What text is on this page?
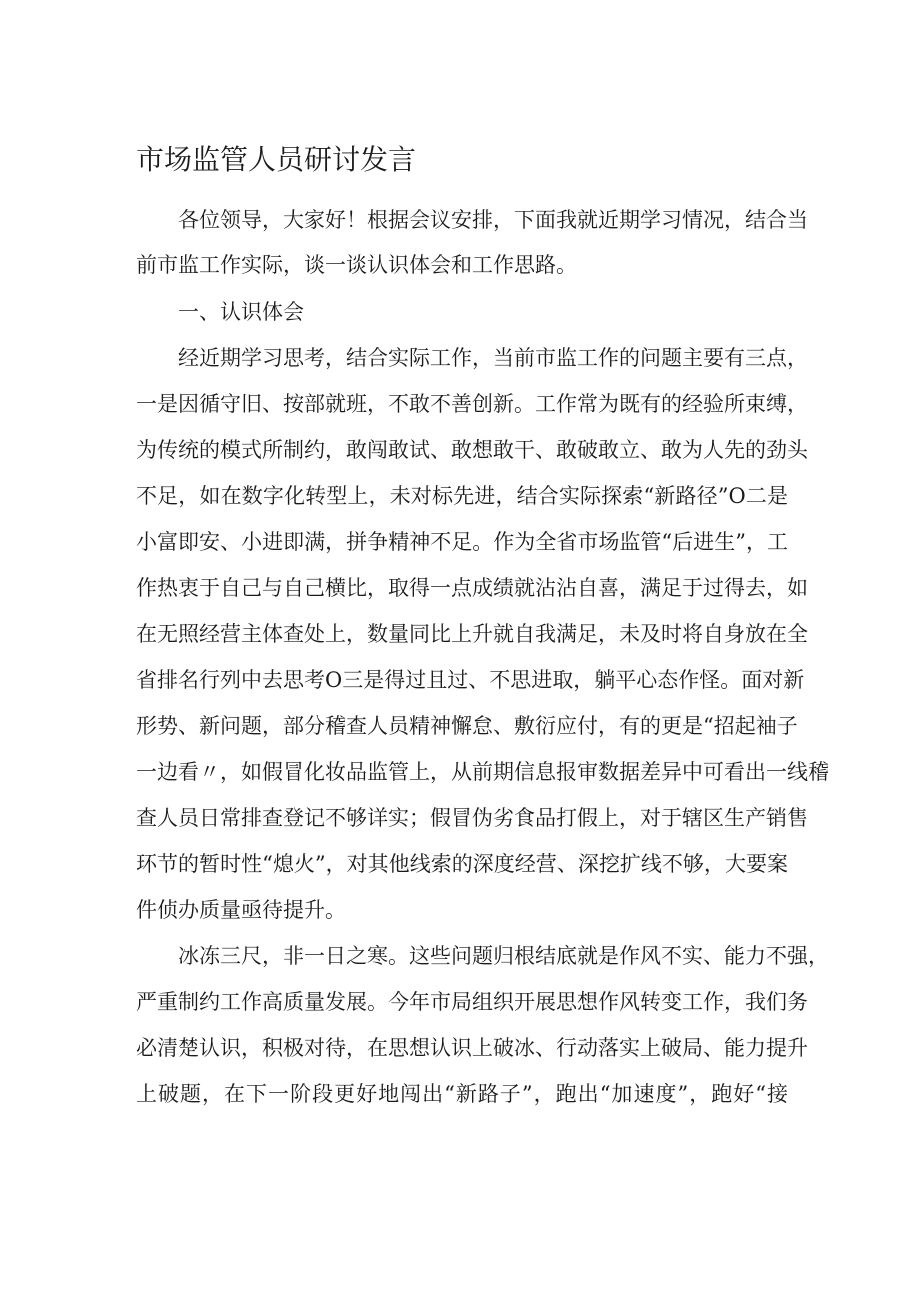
市场监管人员研讨发言
各位领导，大家好！根据会议安排，下面我就近期学习情况，结合当
前市监工作实际，谈一谈认识体会和工作思路。
一、认识体会
经近期学习思考，结合实际工作，当前市监工作的问题主要有三点，
一是因循守旧、按部就班，不敢不善创新。工作常为既有的经验所束缚，
为传统的模式所制约，敢闯敢试、敢想敢干、敢破敢立、敢为人先的劲头
不足，如在数字化转型上，未对标先进，结合实际探索“新路径”O二是
小富即安、小进即满，拼争精神不足。作为全省市场监管“后进生”，工
作热衷于自己与自己横比，取得一点成绩就沾沾自喜，满足于过得去，如
在无照经营主体查处上，数量同比上升就自我满足，未及时将自身放在全
省排名行列中去思考O三是得过且过、不思进取，躺平心态作怪。面对新
形势、新问题，部分稽查人员精神懈怠、敷衍应付，有的更是“招起袖子
一边看〃，如假冒化妆品监管上，从前期信息报审数据差异中可看出一线稽
查人员日常排查登记不够详实；假冒伪劣食品打假上，对于辖区生产销售
环节的暂时性“熄火”，对其他线索的深度经营、深挖扩线不够，大要案
件侦办质量亟待提升。
冰冻三尺，非一日之寒。这些问题归根结底就是作风不实、能力不强，
严重制约工作高质量发展。今年市局组织开展思想作风转变工作，我们务
必清楚认识，积极对待，在思想认识上破冰、行动落实上破局、能力提升
上破题，在下一阶段更好地闯出“新路子”，跑出“加速度”，跑好“接
